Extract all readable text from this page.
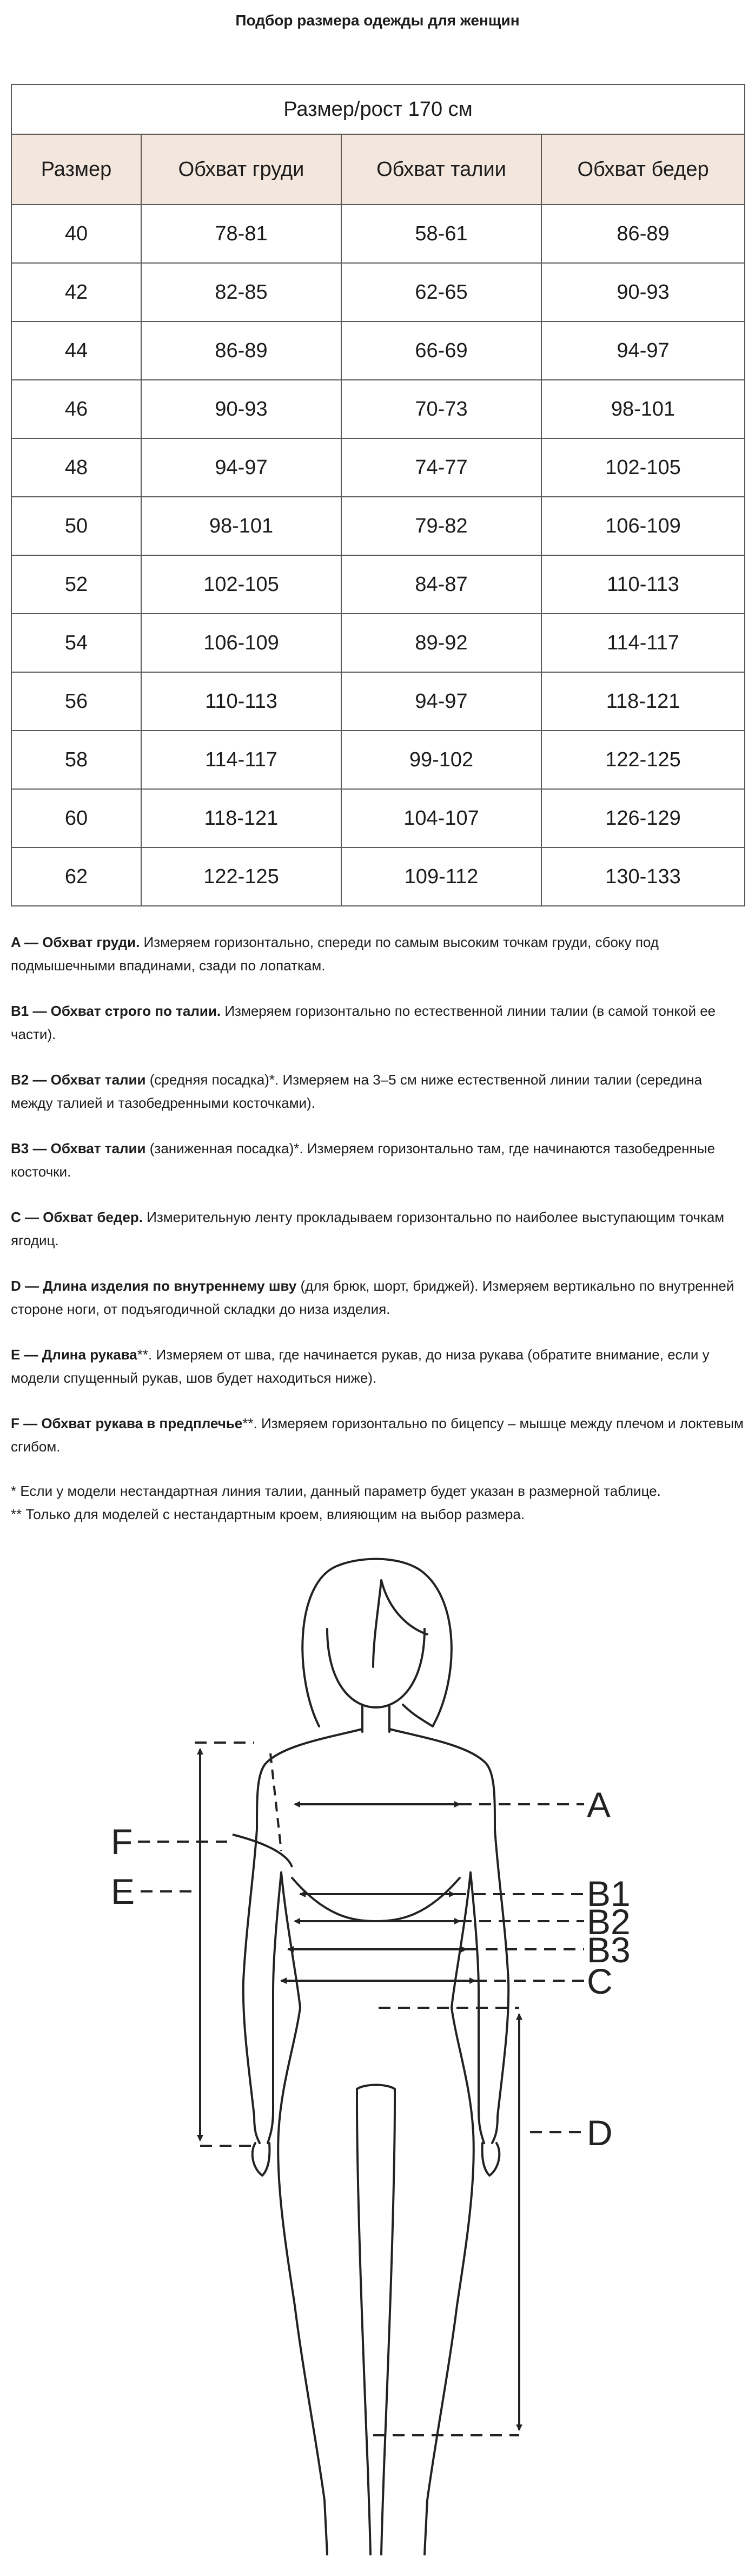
Подбор размера одежды для женщин
Размер/рост 170 см			
Размер	Обхват груди	Обхват талии	Обхват бедер
40	78-81	58-61	86-89
42	82-85	62-65	90-93
44	86-89	66-69	94-97
46	90-93	70-73	98-101
48	94-97	74-77	102-105
50	98-101	79-82	106-109
52	102-105	84-87	110-113
54	106-109	89-92	114-117
56	110-113	94-97	118-121
58	114-117	99-102	122-125
60	118-121	104-107	126-129
62	122-125	109-112	130-133

A — Обхват груди. Измеряем горизонтально, спереди по самым высоким точкам груди, сбоку под подмышечными впадинами, сзади по лопаткам.

B1 — Обхват строго по талии. Измеряем горизонтально по естественной линии талии (в самой тонкой ее части).

B2 — Обхват талии (средняя посадка)*. Измеряем на 3–5 см ниже естественной линии талии (середина между талией и тазобедренными косточками).

B3 — Обхват талии (заниженная посадка)*. Измеряем горизонтально там, где начинаются тазобедренные косточки.

C — Обхват бедер. Измерительную ленту прокладываем горизонтально по наиболее выступающим точкам ягодиц.

D — Длина изделия по внутреннему шву (для брюк, шорт, бриджей). Измеряем вертикально по внутренней стороне ноги, от подъягодичной складки до низа изделия.

E — Длина рукава**. Измеряем от шва, где начинается рукав, до низа рукава (обратите внимание, если у модели спущенный рукав, шов будет находиться ниже).

F — Обхват рукава в предплечье**. Измеряем горизонтально по бицепсу – мышце между плечом и локтевым сгибом.

* Если у модели нестандартная линия талии, данный параметр будет указан в размерной таблице.

** Только для моделей с нестандартным кроем, влияющим на выбор размера.

A
B1
B2
B3
C
D
E
F
